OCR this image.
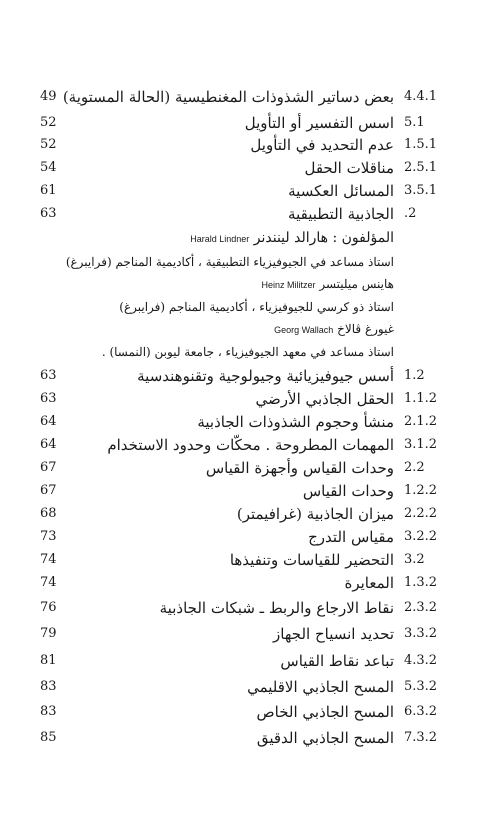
4.4.1
بعض دساتير الشذوذات المغنطيسية (الحالة المستوية)
49
5.1
اسس التفسير أو التأويل
52
1.5.1
عدم التحديد في التأويل
52
2.5.1
مناقلات الحقل
54
3.5.1
المسائل العكسية
61
.2
الجاذبية التطبيقية
63
المؤلفون : هارالد لينندنر Harald Lindner
استاذ مساعد في الجيوفيزياء التطبيقية ، أكاديمية المناجم (فرايبرغ)
هاينس ميليتسر Heinz Militzer
استاذ ذو كرسي للجيوفيزياء ، أكاديمية المناجم (فرايبرغ)
غيورغ ڤالاخ Georg Wallach
استاذ مساعد في معهد الجيوفيزياء ، جامعة ليوبن (النمسا) .
1.2
أسس جيوفيزيائية وجيولوجية وتقنوهندسية
63
1.1.2
الحقل الجاذبي الأرضي
63
2.1.2
منشأ وحجوم الشذوذات الجاذبية
64
3.1.2
المهمات المطروحة . محكّات وحدود الاستخدام
64
2.2
وحدات القياس وأجهزة القياس
67
1.2.2
وحدات القياس
67
2.2.2
ميزان الجاذبية (غرافيمتر)
68
3.2.2
مقياس التدرج
73
3.2
التحضير للقياسات وتنفيذها
74
1.3.2
المعايرة
74
2.3.2
نقاط الارجاع والربط ـ شبكات الجاذبية
76
3.3.2
تحديد انسياح الجهاز
79
4.3.2
تباعد نقاط القياس
81
5.3.2
المسح الجاذبي الاقليمي
83
6.3.2
المسح الجاذبي الخاص
83
7.3.2
المسح الجاذبي الدقيق
85
